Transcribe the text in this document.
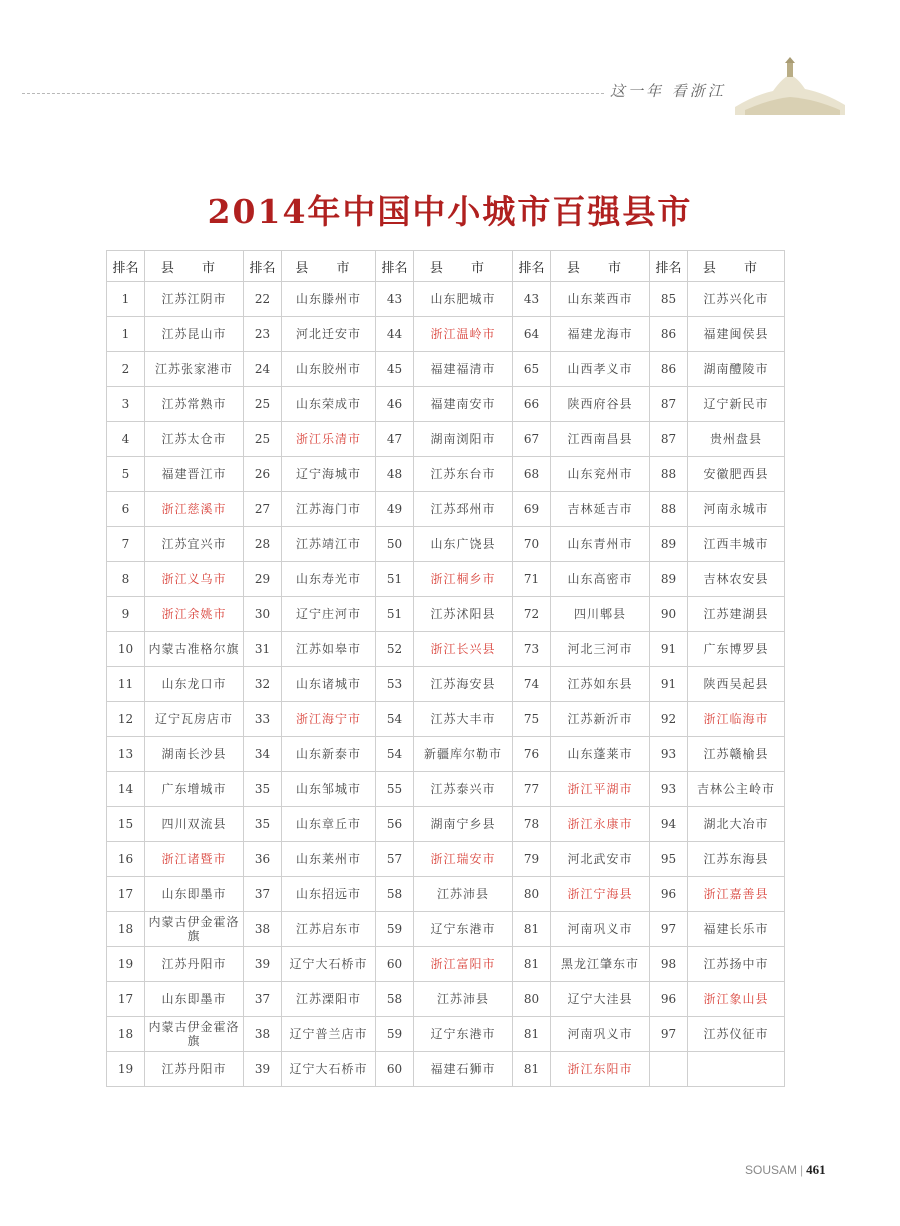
这一年 看浙江
2014年中国中小城市百强县市
排名	县 市	排名	县 市	排名	县 市	排名	县 市	排名	县 市
1	江苏江阴市	22	山东滕州市	43	山东肥城市	43	山东莱西市	85	江苏兴化市
1	江苏昆山市	23	河北迁安市	44	浙江温岭市	64	福建龙海市	86	福建闽侯县
2	江苏张家港市	24	山东胶州市	45	福建福清市	65	山西孝义市	86	湖南醴陵市
3	江苏常熟市	25	山东荣成市	46	福建南安市	66	陕西府谷县	87	辽宁新民市
4	江苏太仓市	25	浙江乐清市	47	湖南浏阳市	67	江西南昌县	87	贵州盘县
5	福建晋江市	26	辽宁海城市	48	江苏东台市	68	山东兖州市	88	安徽肥西县
6	浙江慈溪市	27	江苏海门市	49	江苏邳州市	69	吉林延吉市	88	河南永城市
7	江苏宜兴市	28	江苏靖江市	50	山东广饶县	70	山东青州市	89	江西丰城市
8	浙江义乌市	29	山东寿光市	51	浙江桐乡市	71	山东高密市	89	吉林农安县
9	浙江余姚市	30	辽宁庄河市	51	江苏沭阳县	72	四川郫县	90	江苏建湖县
10	内蒙古准格尔旗	31	江苏如皋市	52	浙江长兴县	73	河北三河市	91	广东博罗县
11	山东龙口市	32	山东诸城市	53	江苏海安县	74	江苏如东县	91	陕西吴起县
12	辽宁瓦房店市	33	浙江海宁市	54	江苏大丰市	75	江苏新沂市	92	浙江临海市
13	湖南长沙县	34	山东新泰市	54	新疆库尔勒市	76	山东蓬莱市	93	江苏赣榆县
14	广东增城市	35	山东邹城市	55	江苏泰兴市	77	浙江平湖市	93	吉林公主岭市
15	四川双流县	35	山东章丘市	56	湖南宁乡县	78	浙江永康市	94	湖北大冶市
16	浙江诸暨市	36	山东莱州市	57	浙江瑞安市	79	河北武安市	95	江苏东海县
17	山东即墨市	37	山东招远市	58	江苏沛县	80	浙江宁海县	96	浙江嘉善县
18	内蒙古伊金霍洛旗	38	江苏启东市	59	辽宁东港市	81	河南巩义市	97	福建长乐市
19	江苏丹阳市	39	辽宁大石桥市	60	浙江富阳市	81	黑龙江肇东市	98	江苏扬中市
17	山东即墨市	37	江苏溧阳市	58	江苏沛县	80	辽宁大洼县	96	浙江象山县
18	内蒙古伊金霍洛旗	38	辽宁普兰店市	59	辽宁东港市	81	河南巩义市	97	江苏仪征市
19	江苏丹阳市	39	辽宁大石桥市	60	福建石狮市	81	浙江东阳市		
SOUSAM | 461
